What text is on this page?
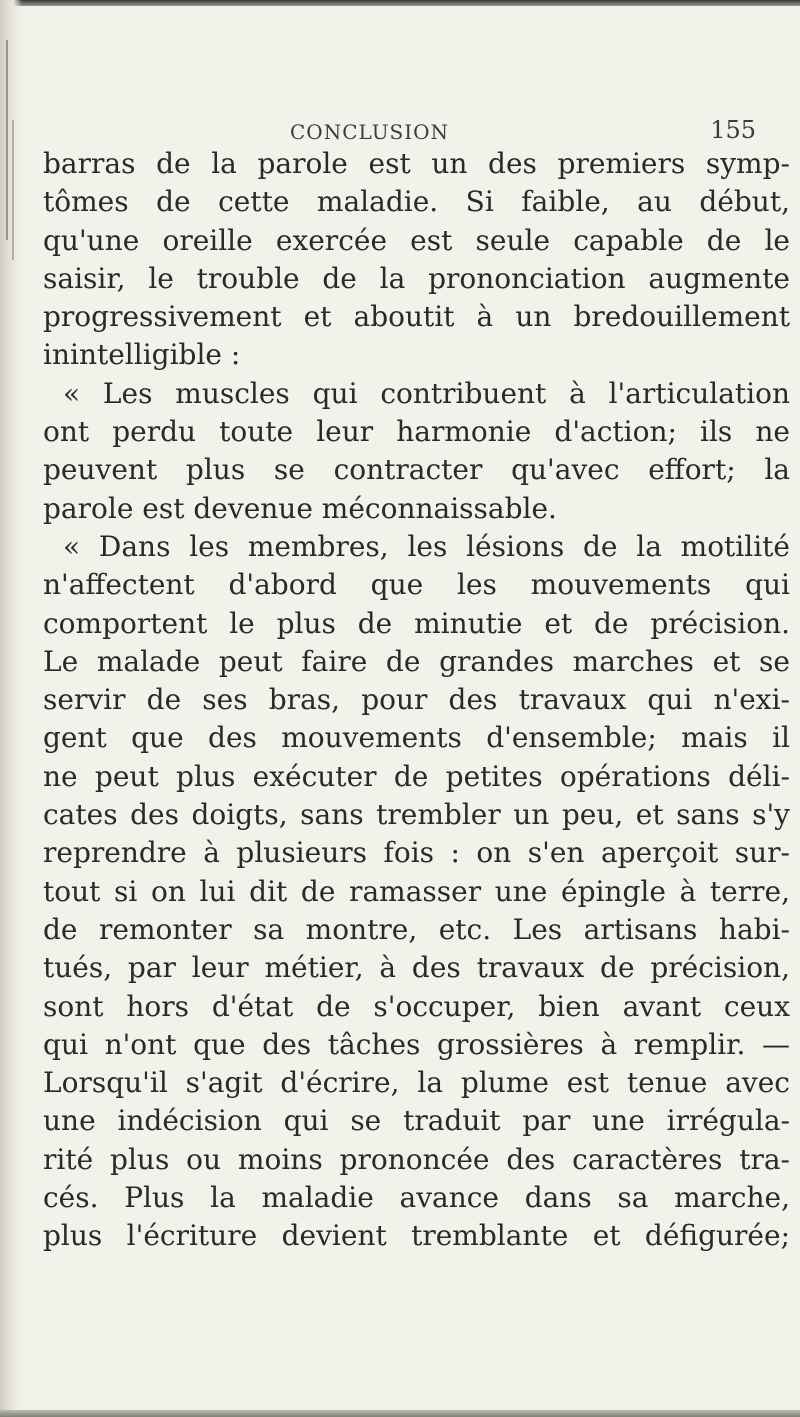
CONCLUSION	155
barras de la parole est un des premiers symp-
tômes de cette maladie. Si faible, au début,
qu'une oreille exercée est seule capable de le
saisir, le trouble de la prononciation augmente
progressivement et aboutit à un bredouillement
inintelligible :
« Les muscles qui contribuent à l'articulation
ont perdu toute leur harmonie d'action; ils ne
peuvent plus se contracter qu'avec effort; la
parole est devenue méconnaissable.
« Dans les membres, les lésions de la motilité
n'affectent d'abord que les mouvements qui
comportent le plus de minutie et de précision.
Le malade peut faire de grandes marches et se
servir de ses bras, pour des travaux qui n'exi-
gent que des mouvements d'ensemble; mais il
ne peut plus exécuter de petites opérations déli-
cates des doigts, sans trembler un peu, et sans s'y
reprendre à plusieurs fois : on s'en aperçoit sur-
tout si on lui dit de ramasser une épingle à terre,
de remonter sa montre, etc. Les artisans habi-
tués, par leur métier, à des travaux de précision,
sont hors d'état de s'occuper, bien avant ceux
qui n'ont que des tâches grossières à remplir. —
Lorsqu'il s'agit d'écrire, la plume est tenue avec
une indécision qui se traduit par une irrégula-
rité plus ou moins prononcée des caractères tra-
cés. Plus la maladie avance dans sa marche,
plus l'écriture devient tremblante et défigurée;
